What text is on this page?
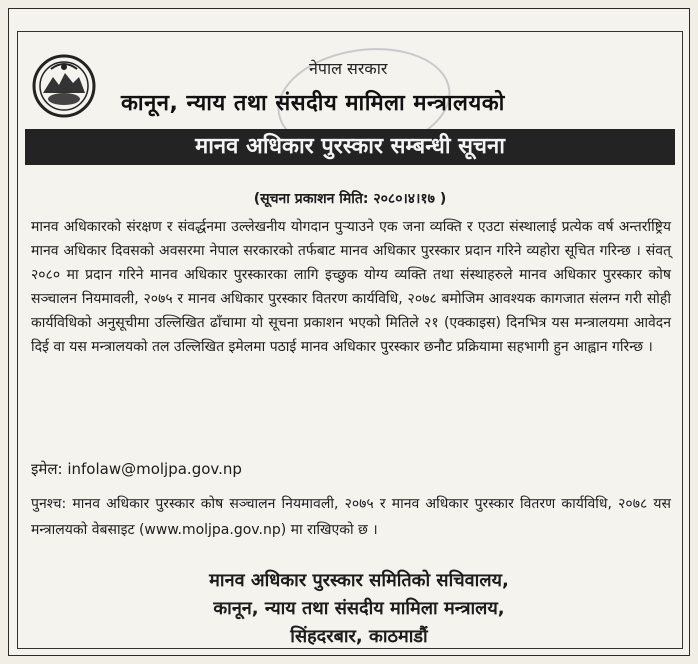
नेपाल सरकार
कानून, न्याय तथा संसदीय मामिला मन्त्रालयको
मानव अधिकार पुरस्कार सम्बन्धी सूचना
(सूचना प्रकाशन मिति: २०८०।४।१७ )

मानव अधिकारको संरक्षण र संवर्द्धनमा उल्लेखनीय योगदान पुर्‍याउने एक जना व्यक्ति र एउटा संस्थालाई प्रत्येक वर्ष अन्तर्राष्ट्रिय मानव अधिकार दिवसको अवसरमा नेपाल सरकारको तर्फबाट मानव अधिकार पुरस्कार प्रदान गरिने व्यहोरा सूचित गरिन्छ । संवत् २०८० मा प्रदान गरिने मानव अधिकार पुरस्कारका लागि इच्छुक योग्य व्यक्ति तथा संस्थाहरुले मानव अधिकार पुरस्कार कोष सञ्चालन नियमावली, २०७५ र मानव अधिकार पुरस्कार वितरण कार्यविधि, २०७८ बमोजिम आवश्यक कागजात संलग्न गरी सोही कार्यविधिको अनुसूचीमा उल्लिखित ढाँचामा यो सूचना प्रकाशन भएको मितिले २१ (एक्काइस) दिनभित्र यस मन्त्रालयमा आवेदन दिई वा यस मन्त्रालयको तल उल्लिखित इमेलमा पठाई मानव अधिकार पुरस्कार छनौट प्रक्रियामा सहभागी हुन आह्वान गरिन्छ ।

इमेल: infolaw@moljpa.gov.np

पुनश्च: मानव अधिकार पुरस्कार कोष सञ्चालन नियमावली, २०७५ र मानव अधिकार पुरस्कार वितरण कार्यविधि, २०७८ यस मन्त्रालयको वेबसाइट (www.moljpa.gov.np) मा राखिएको छ ।

मानव अधिकार पुरस्कार समितिको सचिवालय,
कानून, न्याय तथा संसदीय मामिला मन्त्रालय,
सिंहदरबार, काठमाडौं
